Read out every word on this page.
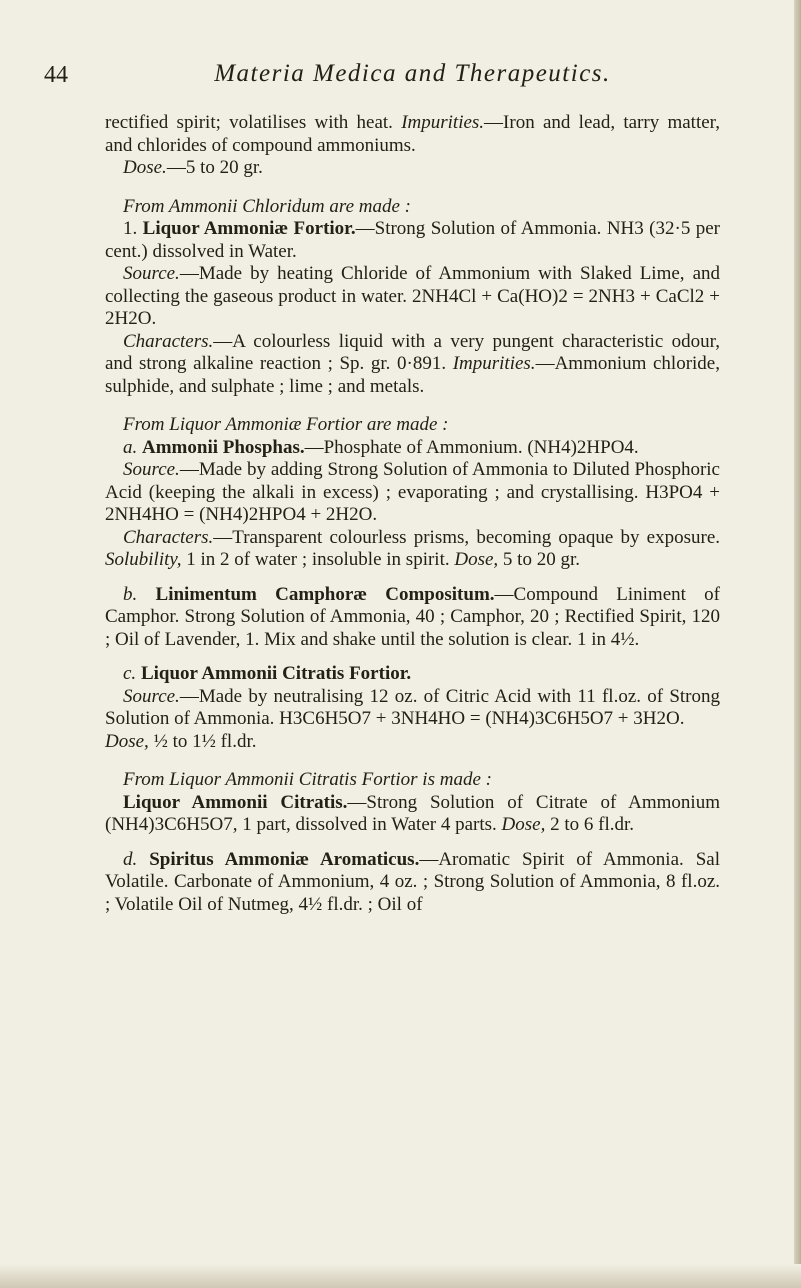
44	Materia Medica and Therapeutics.

rectified spirit; volatilises with heat. Impurities.—Iron and lead, tarry matter, and chlorides of compound ammoniums.

Dose.—5 to 20 gr.

From Ammonii Chloridum are made :

1. Liquor Ammoniæ Fortior.—Strong Solution of Ammonia. NH3 (32·5 per cent.) dissolved in Water.

Source.—Made by heating Chloride of Ammonium with Slaked Lime, and collecting the gaseous product in water. 2NH4Cl + Ca(HO)2 = 2NH3 + CaCl2 + 2H2O.

Characters.—A colourless liquid with a very pungent characteristic odour, and strong alkaline reaction ; Sp. gr. 0·891. Impurities.—Ammonium chloride, sulphide, and sulphate ; lime ; and metals.

From Liquor Ammoniæ Fortior are made :

a. Ammonii Phosphas.—Phosphate of Ammonium. (NH4)2HPO4.

Source.—Made by adding Strong Solution of Ammonia to Diluted Phosphoric Acid (keeping the alkali in excess) ; evaporating ; and crystallising. H3PO4 + 2NH4HO = (NH4)2HPO4 + 2H2O.

Characters.—Transparent colourless prisms, becoming opaque by exposure. Solubility, 1 in 2 of water ; insoluble in spirit. Dose, 5 to 20 gr.

b. Linimentum Camphoræ Compositum.—Compound Liniment of Camphor. Strong Solution of Ammonia, 40 ; Camphor, 20 ; Rectified Spirit, 120 ; Oil of Lavender, 1. Mix and shake until the solution is clear. 1 in 4½.

c. Liquor Ammonii Citratis Fortior.

Source.—Made by neutralising 12 oz. of Citric Acid with 11 fl.oz. of Strong Solution of Ammonia. H3C6H5O7 + 3NH4HO = (NH4)3C6H5O7 + 3H2O.

Dose, ½ to 1½ fl.dr.

From Liquor Ammonii Citratis Fortior is made :

Liquor Ammonii Citratis.—Strong Solution of Citrate of Ammonium (NH4)3C6H5O7, 1 part, dissolved in Water 4 parts. Dose, 2 to 6 fl.dr.

d. Spiritus Ammoniæ Aromaticus.—Aromatic Spirit of Ammonia. Sal Volatile. Carbonate of Ammonium, 4 oz. ; Strong Solution of Ammonia, 8 fl.oz. ; Volatile Oil of Nutmeg, 4½ fl.dr. ; Oil of
